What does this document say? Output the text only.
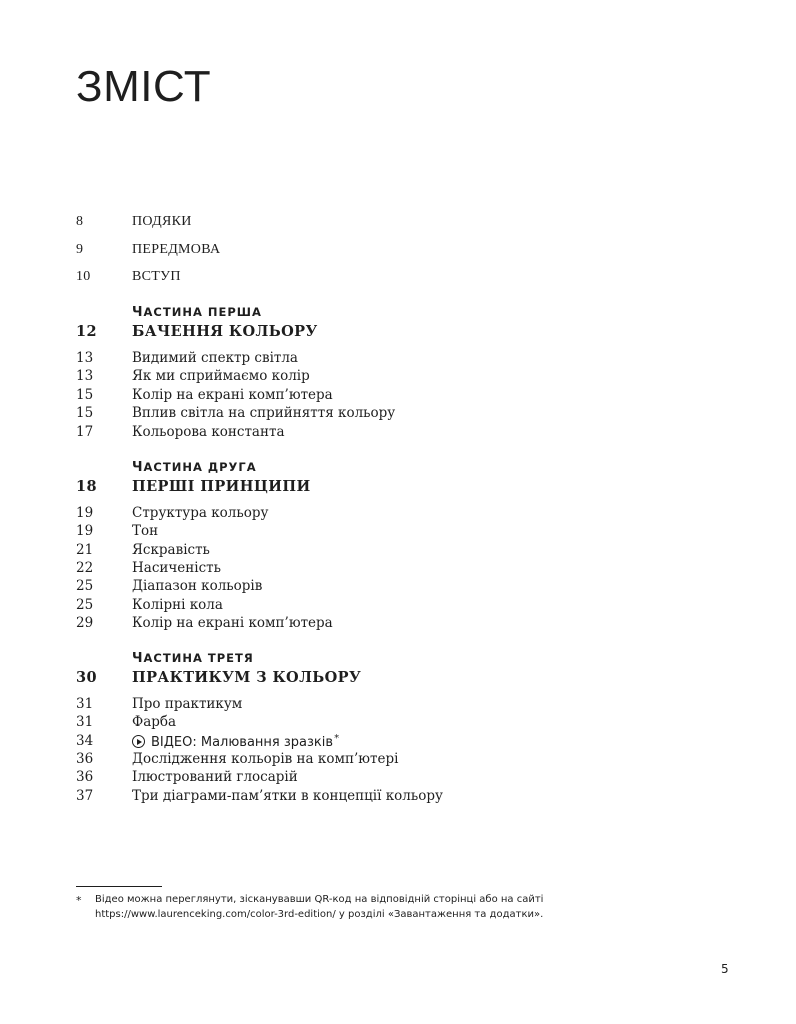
ЗМІСТ
8	ПОДЯКИ
9	ПЕРЕДМОВА
10	ВСТУП
ЧАСТИНА ПЕРША
12	БАЧЕННЯ КОЛЬОРУ
13	Видимий спектр світла
13	Як ми сприймаємо колір
15	Колір на екрані комп’ютера
15	Вплив світла на сприйняття кольору
17	Кольорова константа
ЧАСТИНА ДРУГА
18	ПЕРШІ ПРИНЦИПИ
19	Структура кольору
19	Тон
21	Яскравість
22	Насиченість
25	Діапазон кольорів
25	Колірні кола
29	Колір на екрані комп’ютера
ЧАСТИНА ТРЕТЯ
30	ПРАКТИКУМ З КОЛЬОРУ
31	Про практикум
31	Фарба
34	ВІДЕО: Малювання зразків*
36	Дослідження кольорів на комп’ютері
36	Ілюстрований глосарій
37	Три діаграми-пам’ятки в концепції кольору
* Відео можна переглянути, зісканувавши QR-код на відповідній сторінці або на сайті
https://www.laurenceking.com/color-3rd-edition/ у розділі «Завантаження та додатки».
5
